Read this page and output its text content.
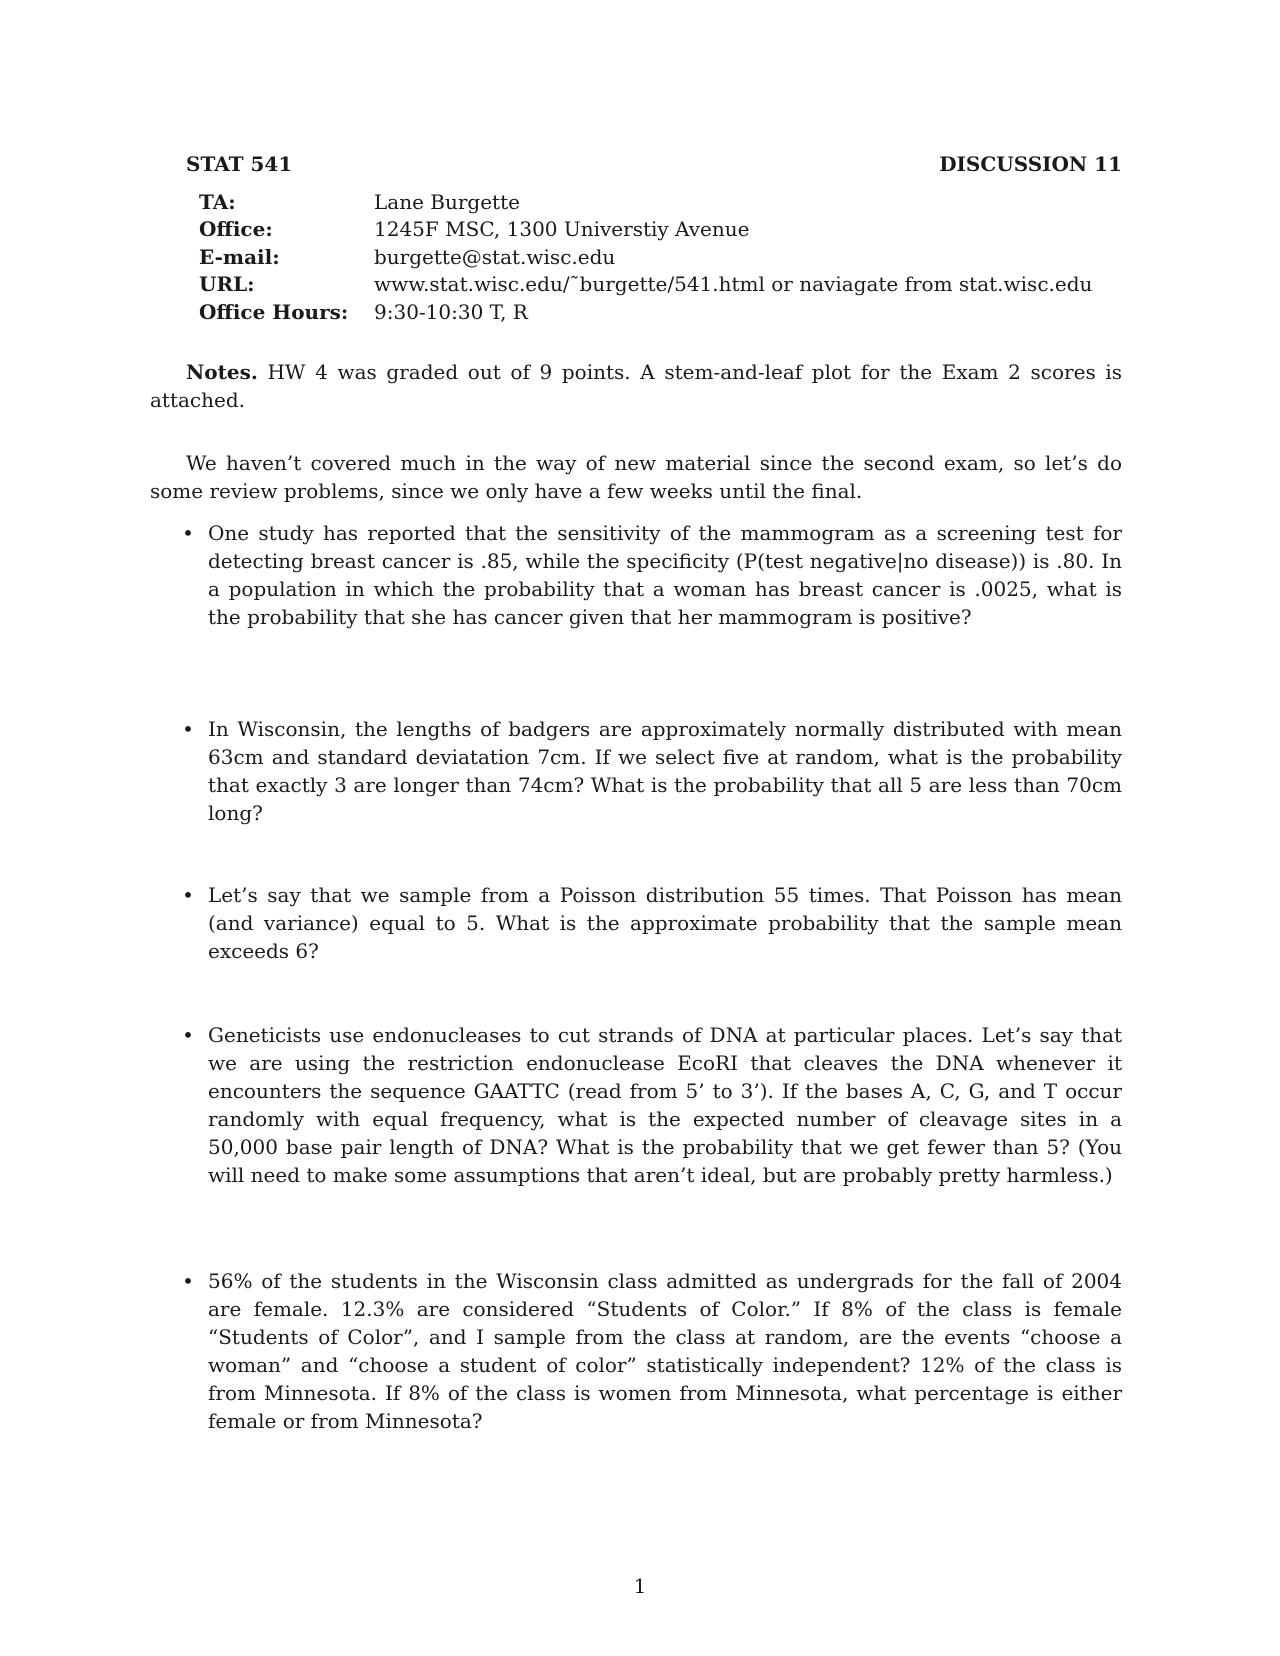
STAT 541	DISCUSSION 11
TA:	Lane Burgette
Office:	1245F MSC, 1300 Universtiy Avenue
E-mail:	burgette@stat.wisc.edu
URL:	www.stat.wisc.edu/˜burgette/541.html or naviagate from stat.wisc.edu
Office Hours:	9:30-10:30 T, R

Notes. HW 4 was graded out of 9 points. A stem-and-leaf plot for the Exam 2 scores is attached.

We haven’t covered much in the way of new material since the second exam, so let’s do some review problems, since we only have a few weeks until the final.

• One study has reported that the sensitivity of the mammogram as a screening test for detecting breast cancer is .85, while the specificity (P(test negative|no disease)) is .80. In a population in which the probability that a woman has breast cancer is .0025, what is the probability that she has cancer given that her mammogram is positive?
• In Wisconsin, the lengths of badgers are approximately normally distributed with mean 63cm and standard deviatation 7cm. If we select five at random, what is the probability that exactly 3 are longer than 74cm? What is the probability that all 5 are less than 70cm long?
• Let’s say that we sample from a Poisson distribution 55 times. That Poisson has mean (and variance) equal to 5. What is the approximate probability that the sample mean exceeds 6?
• Geneticists use endonucleases to cut strands of DNA at particular places. Let’s say that we are using the restriction endonuclease EcoRI that cleaves the DNA whenever it encounters the sequence GAATTC (read from 5’ to 3’). If the bases A, C, G, and T occur randomly with equal frequency, what is the expected number of cleavage sites in a 50,000 base pair length of DNA? What is the probability that we get fewer than 5? (You will need to make some assumptions that aren’t ideal, but are probably pretty harmless.)
• 56% of the students in the Wisconsin class admitted as undergrads for the fall of 2004 are female. 12.3% are considered “Students of Color.” If 8% of the class is female “Students of Color”, and I sample from the class at random, are the events “choose a woman” and “choose a student of color” statistically independent? 12% of the class is from Minnesota. If 8% of the class is women from Minnesota, what percentage is either female or from Minnesota?
1
